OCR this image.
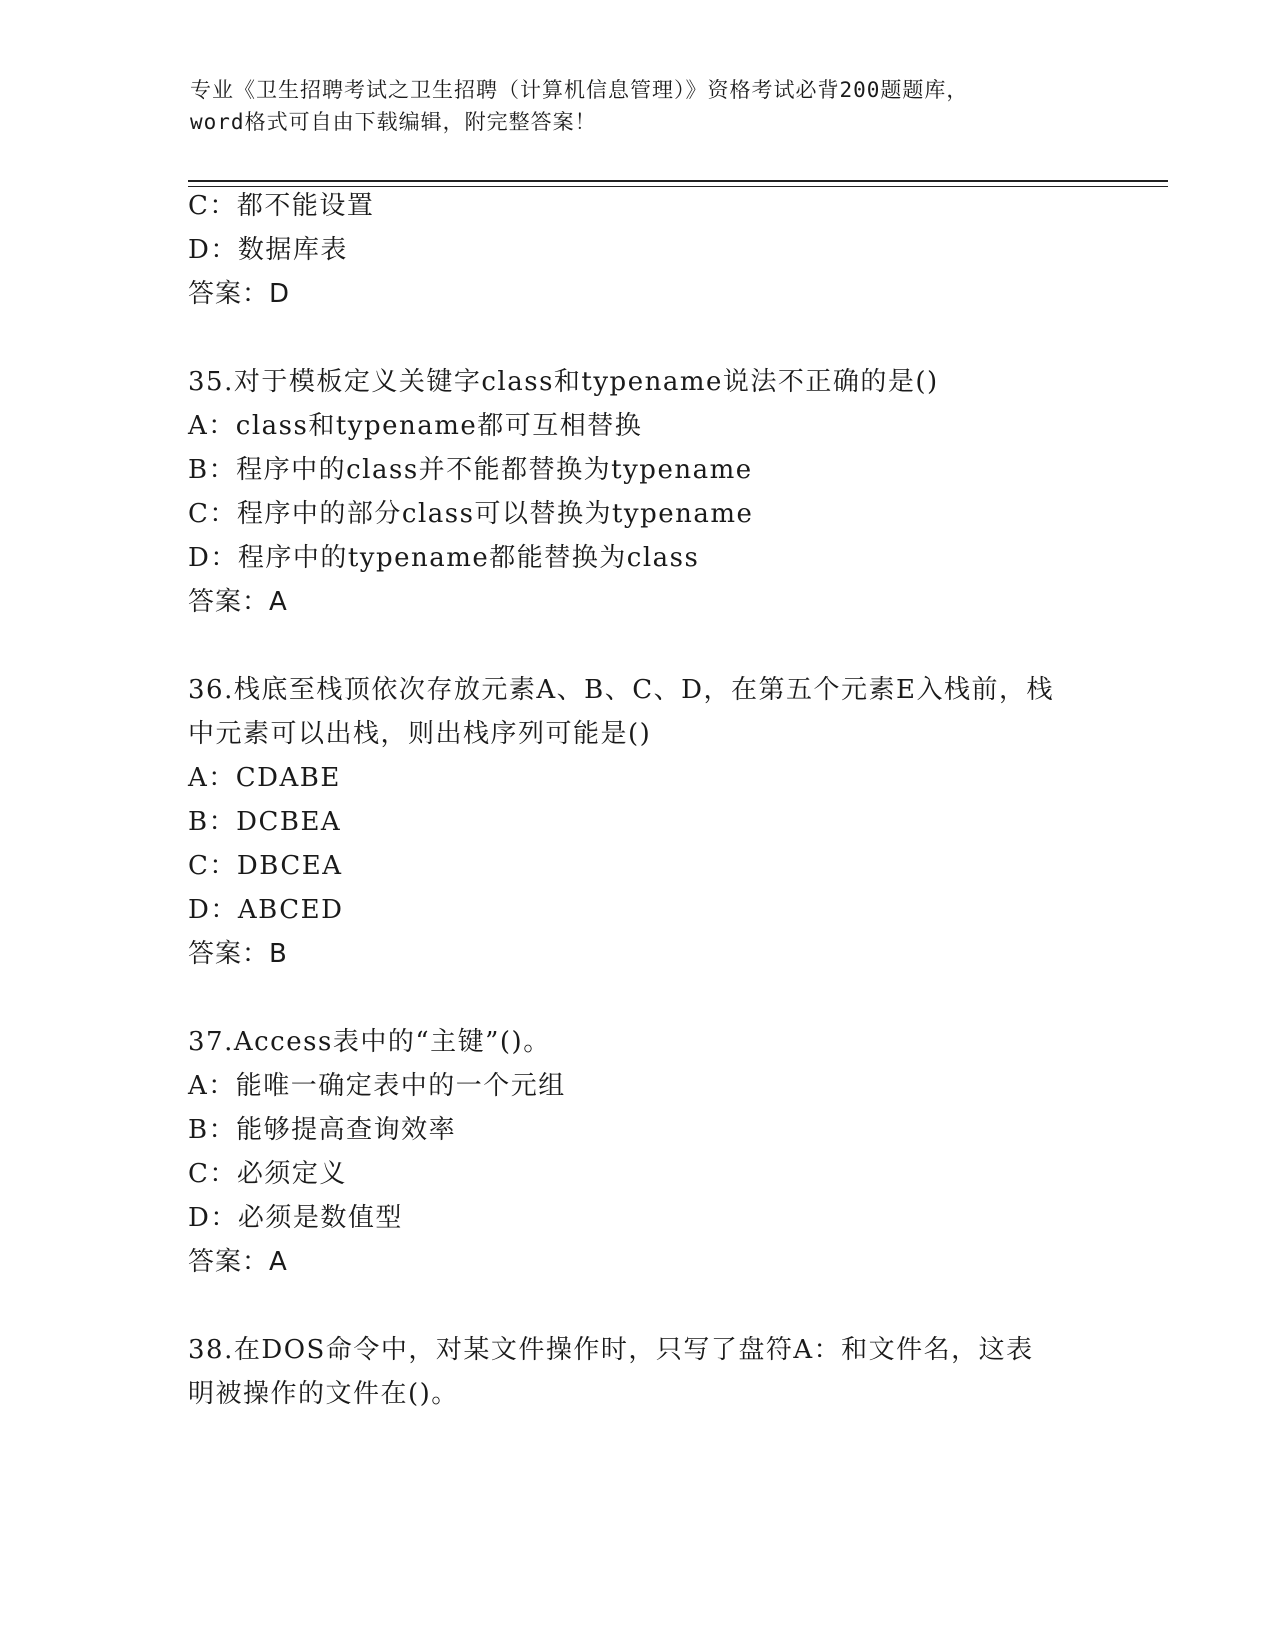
专业《卫生招聘考试之卫生招聘（计算机信息管理）》资格考试必背200题题库，
word格式可自由下载编辑，附完整答案！
C：都不能设置
D：数据库表
答案：D
35.对于模板定义关键字class和typename说法不正确的是()
A：class和typename都可互相替换
B：程序中的class并不能都替换为typename
C：程序中的部分class可以替换为typename
D：程序中的typename都能替换为class
答案：A
36.栈底至栈顶依次存放元素A、B、C、D，在第五个元素E入栈前，栈
中元素可以出栈，则出栈序列可能是()
A：CDABE
B：DCBEA
C：DBCEA
D：ABCED
答案：B
37.Access表中的“主键”()。
A：能唯一确定表中的一个元组
B：能够提高查询效率
C：必须定义
D：必须是数值型
答案：A
38.在DOS命令中，对某文件操作时，只写了盘符A：和文件名，这表
明被操作的文件在()。
